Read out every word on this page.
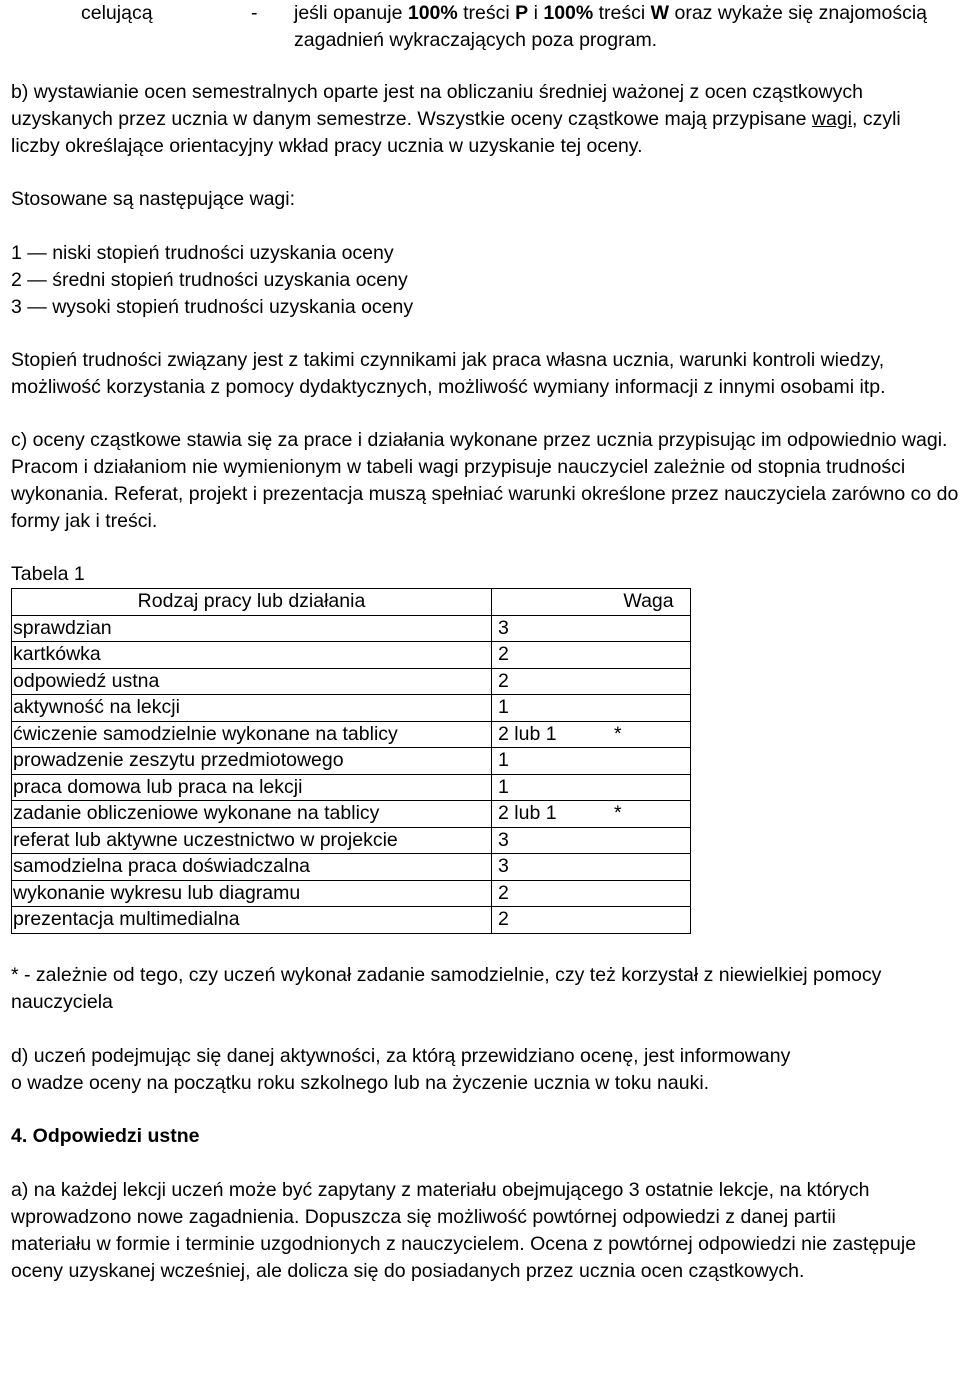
celującą	- jeśli opanuje 100% treści P i 100% treści W oraz wykaże się znajomością zagadnień wykraczających poza program.

b) wystawianie ocen semestralnych oparte jest na obliczaniu średniej ważonej z ocen cząstkowych uzyskanych przez ucznia w danym semestrze. Wszystkie oceny cząstkowe mają przypisane wagi, czyli liczby określające orientacyjny wkład pracy ucznia w uzyskanie tej oceny.

Stosowane są następujące wagi:

1 — niski stopień trudności uzyskania oceny

2 — średni stopień trudności uzyskania oceny

3 — wysoki stopień trudności uzyskania oceny

Stopień trudności związany jest z takimi czynnikami jak praca własna ucznia, warunki kontroli wiedzy, możliwość korzystania z pomocy dydaktycznych, możliwość wymiany informacji z innymi osobami itp.

c) oceny cząstkowe stawia się za prace i działania wykonane przez ucznia przypisując im odpowiednio wagi. Pracom i działaniom nie wymienionym w tabeli wagi przypisuje nauczyciel zależnie od stopnia trudności wykonania. Referat, projekt i prezentacja muszą spełniać warunki określone przez nauczyciela zarówno co do formy jak i treści.

Tabela 1

Rodzaj pracy lub działania	Waga
sprawdzian	3
kartkówka	2
odpowiedź ustna	2
aktywność na lekcji	1
ćwiczenie samodzielnie wykonane na tablicy	2 lub 1 *

prowadzenie zeszytu przedmiotowego	1
praca domowa lub praca na lekcji	1
zadanie obliczeniowe wykonane na tablicy	2 lub 1 *

referat lub aktywne uczestnictwo w projekcie	3
samodzielna praca doświadczalna	3
wykonanie wykresu lub diagramu	2
prezentacja multimedialna	2

* - zależnie od tego, czy uczeń wykonał zadanie samodzielnie, czy też korzystał z niewielkiej pomocy nauczyciela

d) uczeń podejmując się danej aktywności, za którą przewidziano ocenę, jest informowany

o wadze oceny na początku roku szkolnego lub na życzenie ucznia w toku nauki.

4. Odpowiedzi ustne

a) na każdej lekcji uczeń może być zapytany z materiału obejmującego 3 ostatnie lekcje, na których wprowadzono nowe zagadnienia. Dopuszcza się możliwość powtórnej odpowiedzi z danej partii materiału w formie i terminie uzgodnionych z nauczycielem. Ocena z powtórnej odpowiedzi nie zastępuje oceny uzyskanej wcześniej, ale dolicza się do posiadanych przez ucznia ocen cząstkowych.
